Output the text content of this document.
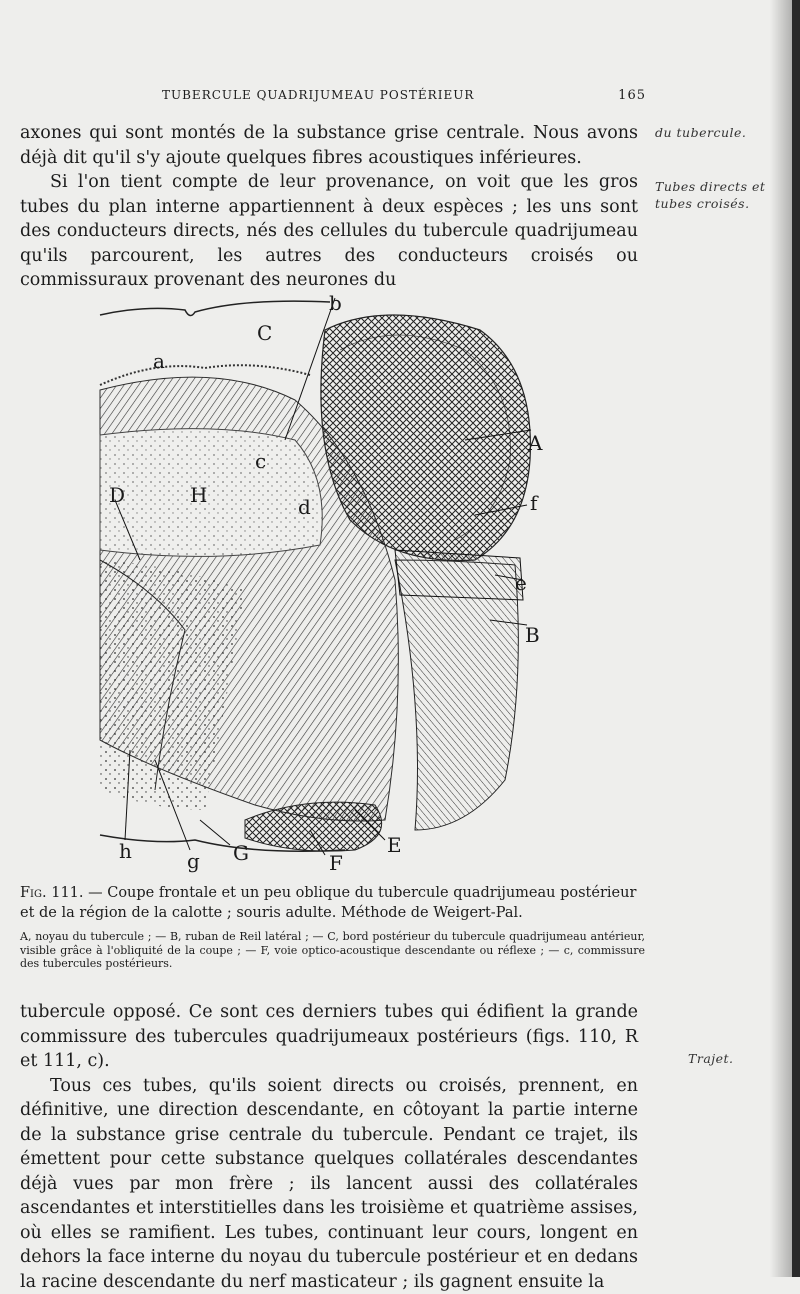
TUBERCULE QUADRIJUMEAU POSTÉRIEUR	165

axones qui sont montés de la substance grise centrale. Nous avons déjà dit qu'il s'y ajoute quelques fibres acoustiques inférieures.

Si l'on tient compte de leur provenance, on voit que les gros tubes du plan interne appartiennent à deux espèces ; les uns sont des conducteurs directs, nés des cellules du tubercule quadrijumeau qu'ils parcourent, les autres des conducteurs croisés ou commissuraux provenant des neurones du

du tubercule.
Tubes directs et tubes croisés.
b
C
a
A
c
D	H	d	f
e
B
h	g G	F
E
Fig. 111. — Coupe frontale et un peu oblique du tubercule quadrijumeau postérieur et de la région de la calotte ; souris adulte. Méthode de Weigert-Pal.
A, noyau du tubercule ; — B, ruban de Reil latéral ; — C, bord postérieur du tubercule quadrijumeau antérieur, visible grâce à l'obliquité de la coupe ; — F, voie optico-acoustique descendante ou réflexe ; — c, commissure des tubercules postérieurs.

tubercule opposé. Ce sont ces derniers tubes qui édifient la grande commissure des tubercules quadrijumeaux postérieurs (figs. 110, R et 111, c).

Tous ces tubes, qu'ils soient directs ou croisés, prennent, en définitive, une direction descendante, en côtoyant la partie interne de la substance grise centrale du tubercule. Pendant ce trajet, ils émettent pour cette substance quelques collatérales descendantes déjà vues par mon frère ; ils lancent aussi des collatérales ascendantes et interstitielles dans les troisième et quatrième assises, où elles se ramifient. Les tubes, continuant leur cours, longent en dehors la face interne du noyau du tubercule postérieur et en dedans la racine descendante du nerf masticateur ; ils gagnent ensuite la

Trajet.
